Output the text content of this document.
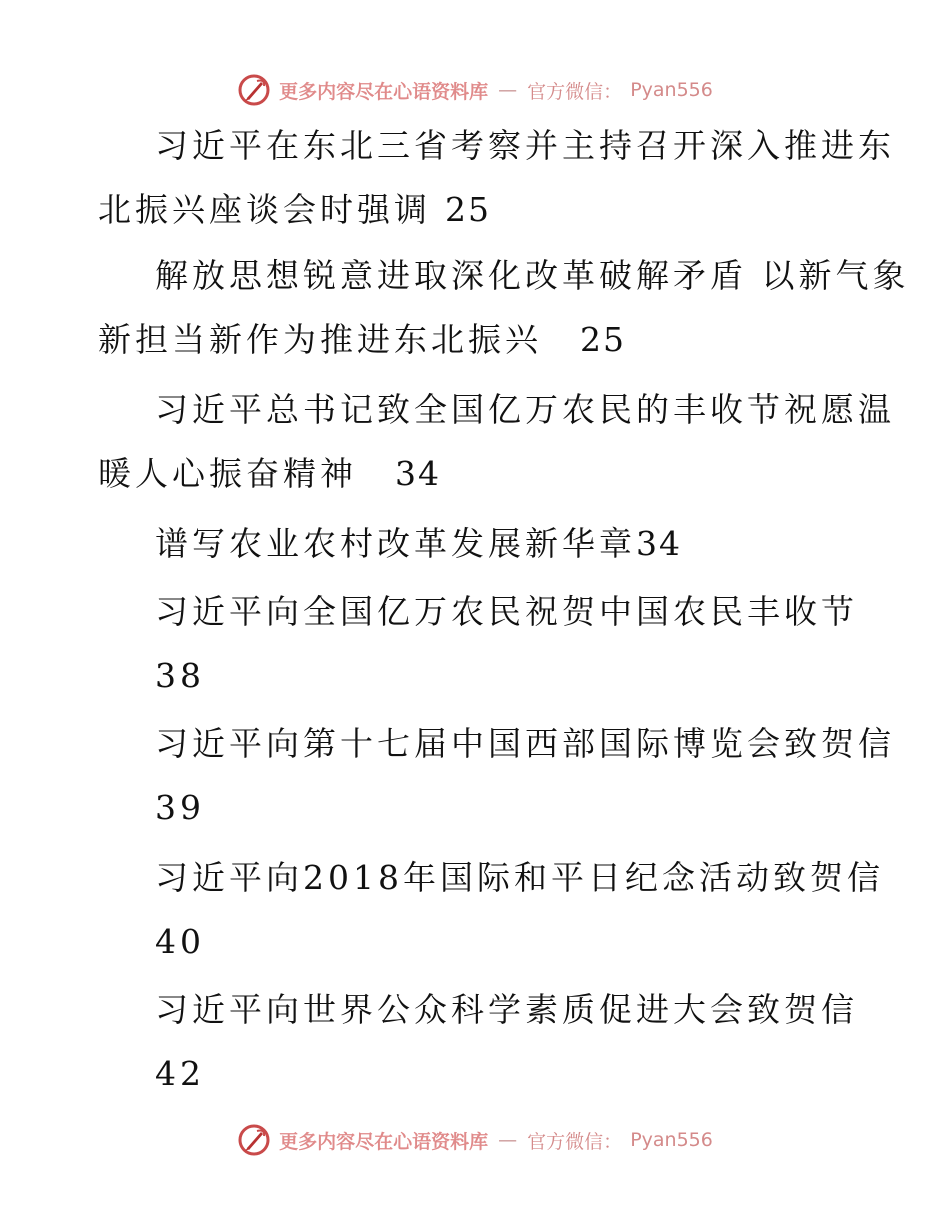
更多内容尽在心语资料库 — 官方微信： Pyan556
习近平在东北三省考察并主持召开深入推进东
北振兴座谈会时强调 25
解放思想锐意进取深化改革破解矛盾 以新气象
新担当新作为推进东北振兴 25
习近平总书记致全国亿万农民的丰收节祝愿温
暖人心振奋精神 34
谱写农业农村改革发展新华章34
习近平向全国亿万农民祝贺中国农民丰收节
38
习近平向第十七届中国西部国际博览会致贺信
39
习近平向2018年国际和平日纪念活动致贺信
40
习近平向世界公众科学素质促进大会致贺信
42
更多内容尽在心语资料库 — 官方微信： Pyan556
